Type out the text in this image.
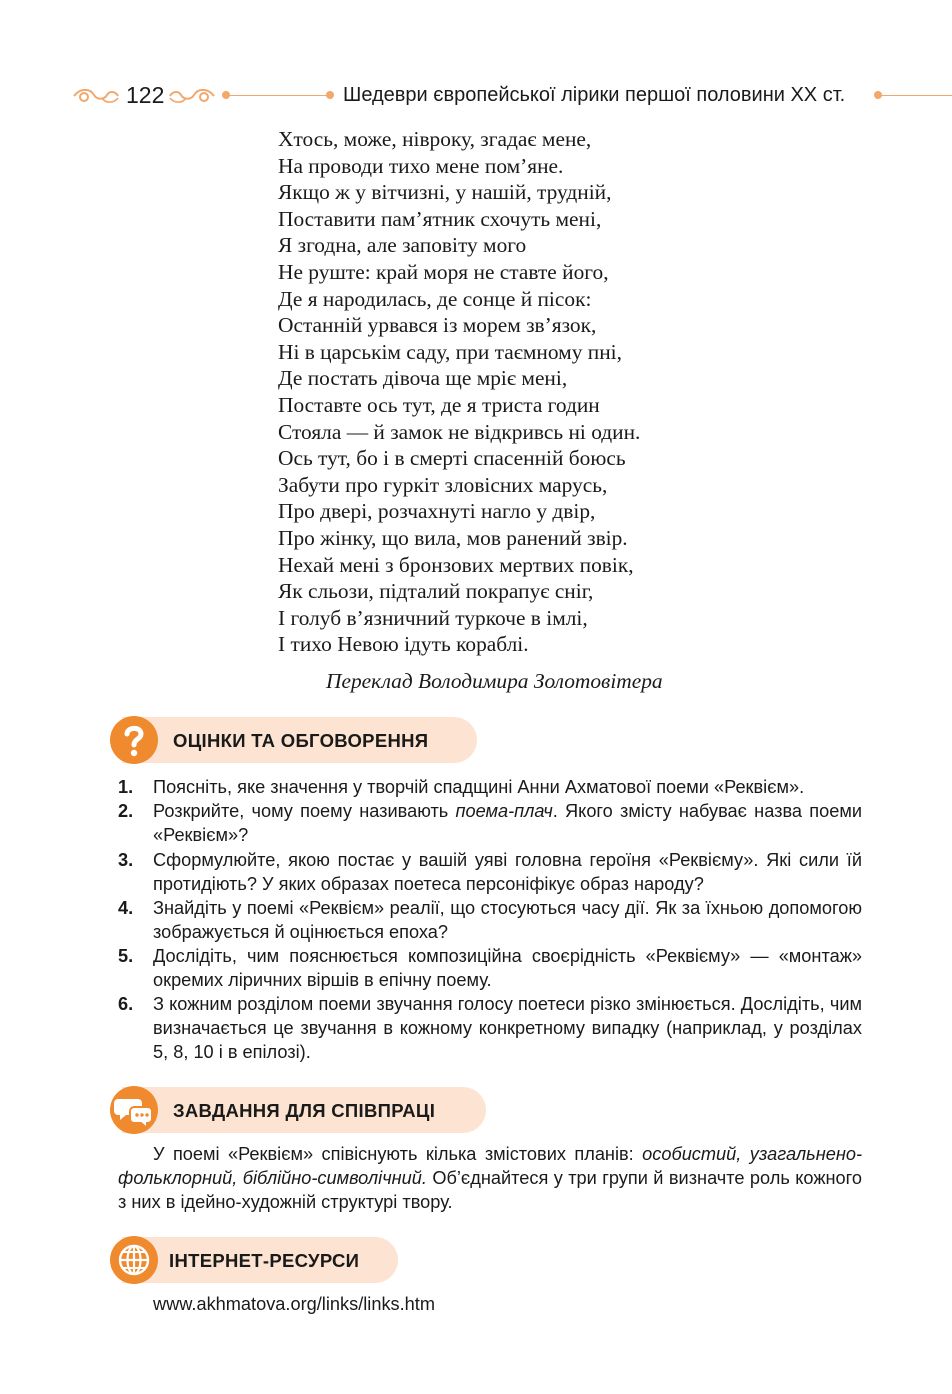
122	Шедеври європейської лірики першої половини ХХ ст.
Хтось, може, нівроку, згадає мене,
На проводи тихо мене пом’яне.
Якщо ж у вітчизні, у нашій, трудній,
Поставити пам’ятник схочуть мені,
Я згодна, але заповіту мого
Не руште: край моря не ставте його,
Де я народилась, де сонце й пісок:
Останній урвався із морем зв’язок,
Ні в царськім саду, при таємному пні,
Де постать дівоча ще мріє мені,
Поставте ось тут, де я триста годин
Стояла — й замок не відкривсь ні один.
Ось тут, бо і в смерті спасенній боюсь
Забути про гуркіт зловісних марусь,
Про двері, розчахнуті нагло у двір,
Про жінку, що вила, мов ранений звір.
Нехай мені з бронзових мертвих повік,
Як сльози, підталий покрапує сніг,
І голуб в’язничний туркоче в імлі,
І тихо Невою ідуть кораблі.
Переклад Володимира Золотовітера
ОЦІНКИ ТА ОБГОВОРЕННЯ
1. Поясніть, яке значення у творчій спадщині Анни Ахматової поеми «Реквієм».
2. Розкрийте, чому поему називають поема-плач. Якого змісту набуває назва поеми «Реквієм»?
3. Сформулюйте, якою постає у вашій уяві головна героїня «Реквієму». Які сили їй протидіють? У яких образах поетеса персоніфікує образ народу?
4. Знайдіть у поемі «Реквієм» реалії, що стосуються часу дії. Як за їхньою допомогою зображується й оцінюється епоха?
5. Дослідіть, чим пояснюється композиційна своєрідність «Реквієму» — «монтаж» окремих ліричних віршів в епічну поему.
6. З кожним розділом поеми звучання голосу поетеси різко змінюється. Дослідіть, чим визначається це звучання в кожному конкретному випадку (наприклад, у розділах 5, 8, 10 і в епілозі).
ЗАВДАННЯ ДЛЯ СПІВПРАЦІ
У поемі «Реквієм» співіснують кілька змістових планів: особистий, узагальнено-фольклорний, біблійно-символічний. Об’єднайтеся у три групи й визначте роль кожного з них в ідейно-художній структурі твору.
ІНТЕРНЕТ-РЕСУРСИ
www.akhmatova.org/links/links.htm
